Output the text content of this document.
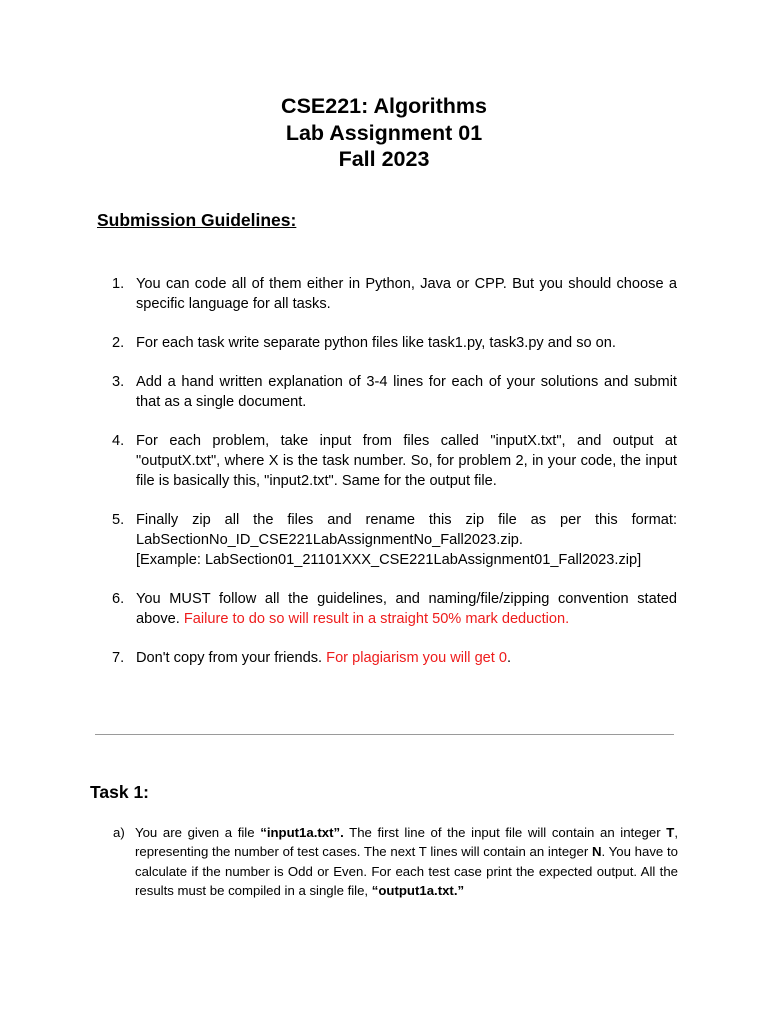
CSE221: Algorithms
Lab Assignment 01
Fall 2023
Submission Guidelines:
1. You can code all of them either in Python, Java or CPP. But you should choose a specific language for all tasks.
2. For each task write separate python files like task1.py, task3.py and so on.
3. Add a hand written explanation of 3-4 lines for each of your solutions and submit that as a single document.
4. For each problem, take input from files called "inputX.txt", and output at "outputX.txt", where X is the task number. So, for problem 2, in your code, the input file is basically this, "input2.txt". Same for the output file.
5. Finally zip all the files and rename this zip file as per this format:
LabSectionNo_ID_CSE221LabAssignmentNo_Fall2023.zip.
[Example: LabSection01_21101XXX_CSE221LabAssignment01_Fall2023.zip]
6. You MUST follow all the guidelines, and naming/file/zipping convention stated above. Failure to do so will result in a straight 50% mark deduction.
7. Don't copy from your friends. For plagiarism you will get 0.
Task 1:
a) You are given a file “input1a.txt”. The first line of the input file will contain an integer T, representing the number of test cases. The next T lines will contain an integer N. You have to calculate if the number is Odd or Even. For each test case print the expected output. All the results must be compiled in a single file, “output1a.txt.”
